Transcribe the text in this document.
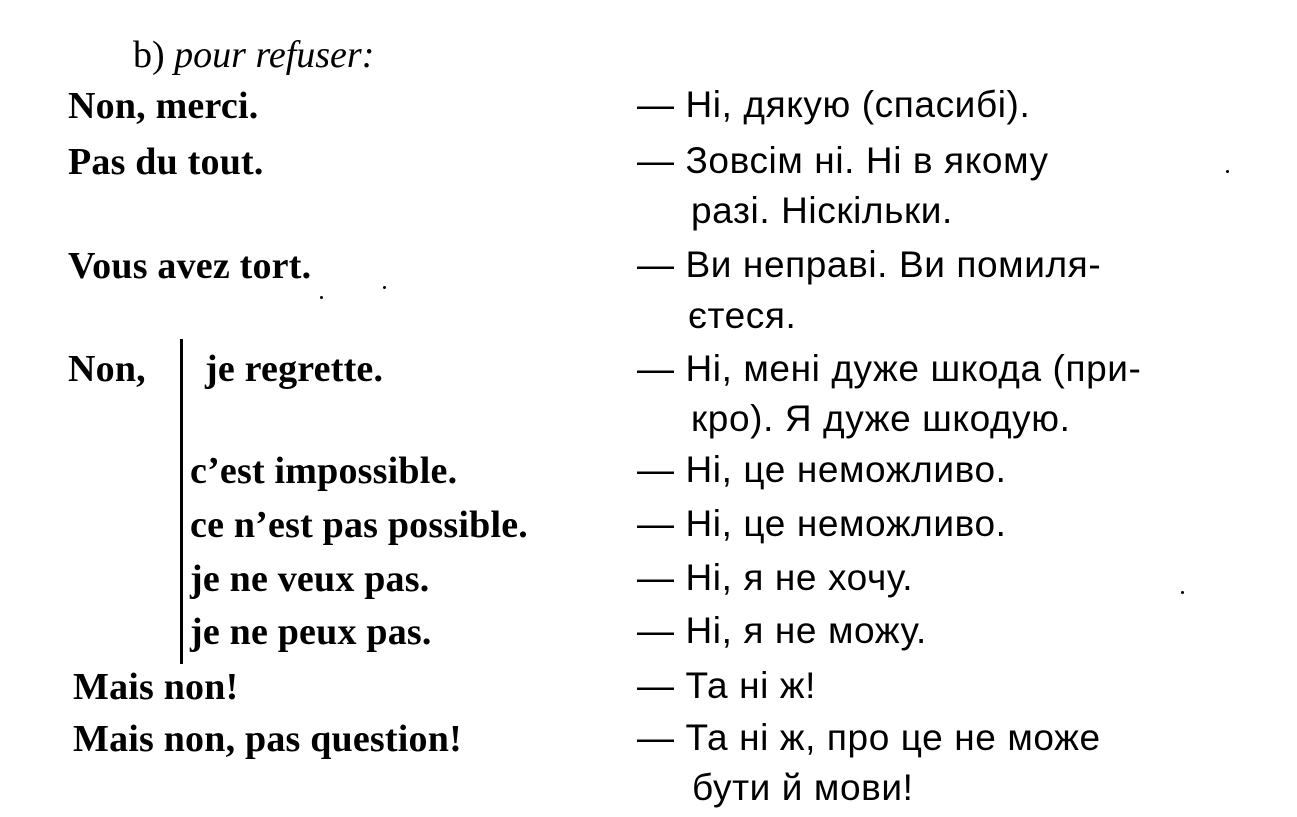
b) pour refuser:
Non, merci.	— Ні, дякую (спасибі).
Pas du tout.	— Зовсім ні. Ні в якому
разі. Ніскільки.
Vous avez tort.	— Ви неправі. Ви помиля-
єтеся.
Non, je regrette.	— Ні, мені дуже шкода (при-
кро). Я дуже шкодую.
c’est impossible.	— Ні, це неможливо.
ce n’est pas possible.	— Ні, це неможливо.
je ne veux pas.	— Ні, я не хочу.
je ne peux pas.	— Ні, я не можу.
Mais non!	— Та ні ж!
Mais non, pas question!	— Та ні ж, про це не може
бути й мови!
